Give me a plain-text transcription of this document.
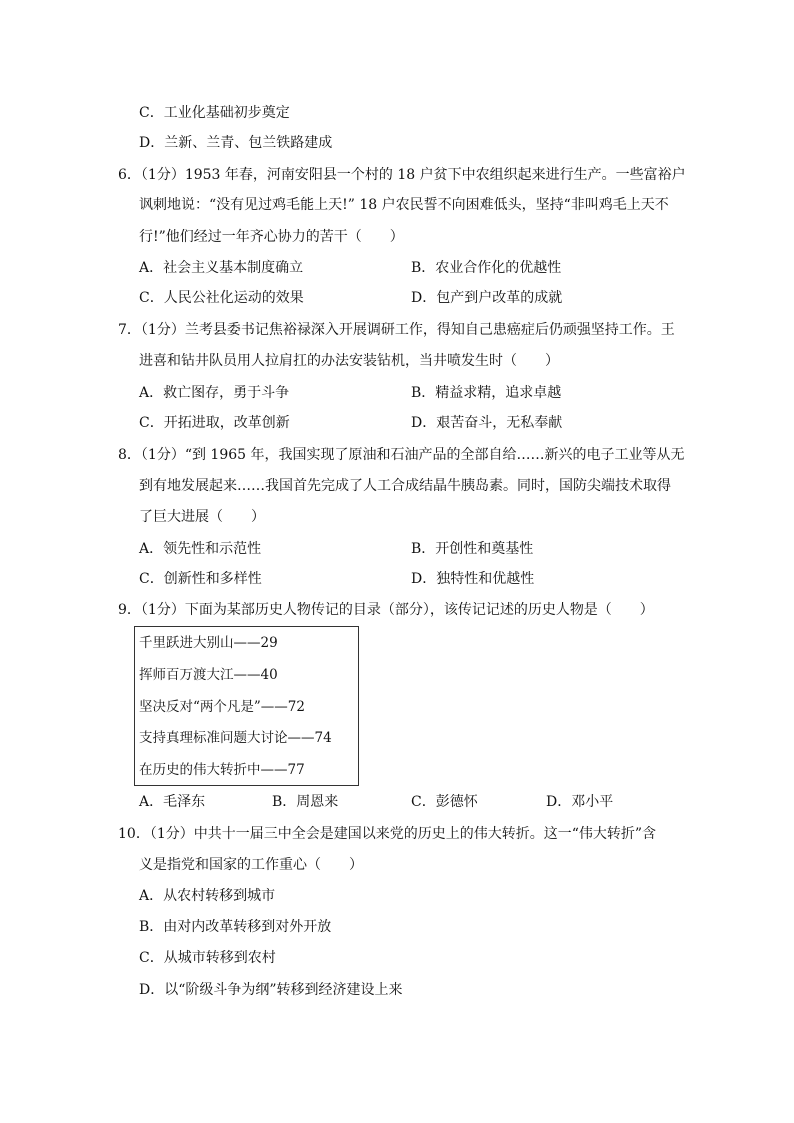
C．工业化基础初步奠定
D．兰新、兰青、包兰铁路建成
6．（1分）1953 年春，河南安阳县一个村的 18 户贫下中农组织起来进行生产。一些富裕户
讽刺地说：“没有见过鸡毛能上天!” 18 户农民誓不向困难低头，坚持“非叫鸡毛上天不
行!”他们经过一年齐心协力的苦干（　　）
A．社会主义基本制度确立	B．农业合作化的优越性
C．人民公社化运动的效果	D．包产到户改革的成就
7．（1分）兰考县委书记焦裕禄深入开展调研工作，得知自己患癌症后仍顽强坚持工作。王
进喜和钻井队员用人拉肩扛的办法安装钻机，当井喷发生时（　　）
A．救亡图存，勇于斗争	B．精益求精，追求卓越
C．开拓进取，改革创新	D．艰苦奋斗，无私奉献
8．（1分）“到 1965 年，我国实现了原油和石油产品的全部自给……新兴的电子工业等从无
到有地发展起来……我国首先完成了人工合成结晶牛胰岛素。同时，国防尖端技术取得
了巨大进展（　　）
A．领先性和示范性	B．开创性和奠基性
C．创新性和多样性	D．独特性和优越性
9．（1分）下面为某部历史人物传记的目录（部分），该传记记述的历史人物是（　　）
千里跃进大别山——29
挥师百万渡大江——40
坚决反对“两个凡是”——72
支持真理标准问题大讨论——74
在历史的伟大转折中——77
A．毛泽东	B．周恩来	C．彭德怀	D．邓小平
10．（1分）中共十一届三中全会是建国以来党的历史上的伟大转折。这一“伟大转折”含
义是指党和国家的工作重心（　　）
A．从农村转移到城市
B．由对内改革转移到对外开放
C．从城市转移到农村
D．以“阶级斗争为纲”转移到经济建设上来
